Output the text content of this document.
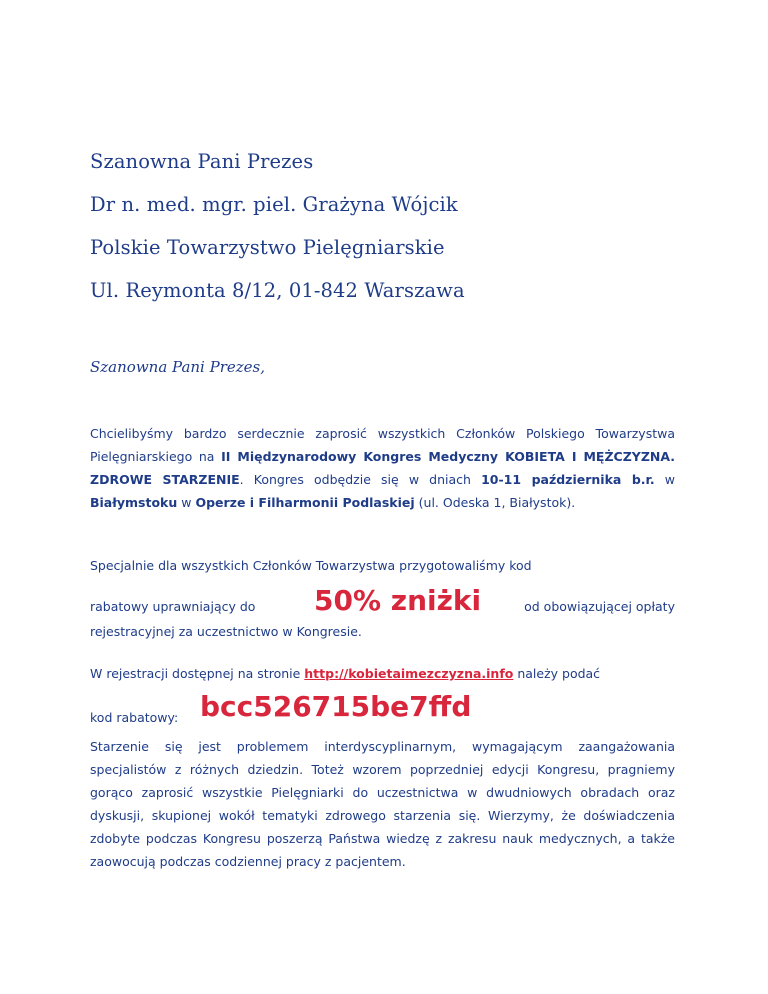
Szanowna Pani Prezes
Dr n. med. mgr. piel. Grażyna Wójcik
Polskie Towarzystwo Pielęgniarskie
Ul. Reymonta 8/12, 01-842 Warszawa
Szanowna Pani Prezes,
Chcielibyśmy bardzo serdecznie zaprosić wszystkich Członków Polskiego Towarzystwa Pielęgniarskiego na II Międzynarodowy Kongres Medyczny KOBIETA I MĘŻCZYZNA. ZDROWE STARZENIE. Kongres odbędzie się w dniach 10-11 października b.r. w Białymstoku w Operze i Filharmonii Podlaskiej (ul. Odeska 1, Białystok).
Specjalnie dla wszystkich Członków Towarzystwa przygotowaliśmy kod
rabatowy uprawniający do 50% zniżki	od obowiązującej opłaty
rejestracyjnej za uczestnictwo w Kongresie.
W rejestracji dostępnej na stronie http://kobietaimezczyzna.info należy podać
kod rabatowy: bcc526715be7ffd
Starzenie się jest problemem interdyscyplinarnym, wymagającym zaangażowania specjalistów z różnych dziedzin. Toteż wzorem poprzedniej edycji Kongresu, pragniemy gorąco zaprosić wszystkie Pielęgniarki do uczestnictwa w dwudniowych obradach oraz dyskusji, skupionej wokół tematyki zdrowego starzenia się. Wierzymy, że doświadczenia zdobyte podczas Kongresu poszerzą Państwa wiedzę z zakresu nauk medycznych, a także zaowocują podczas codziennej pracy z pacjentem.
